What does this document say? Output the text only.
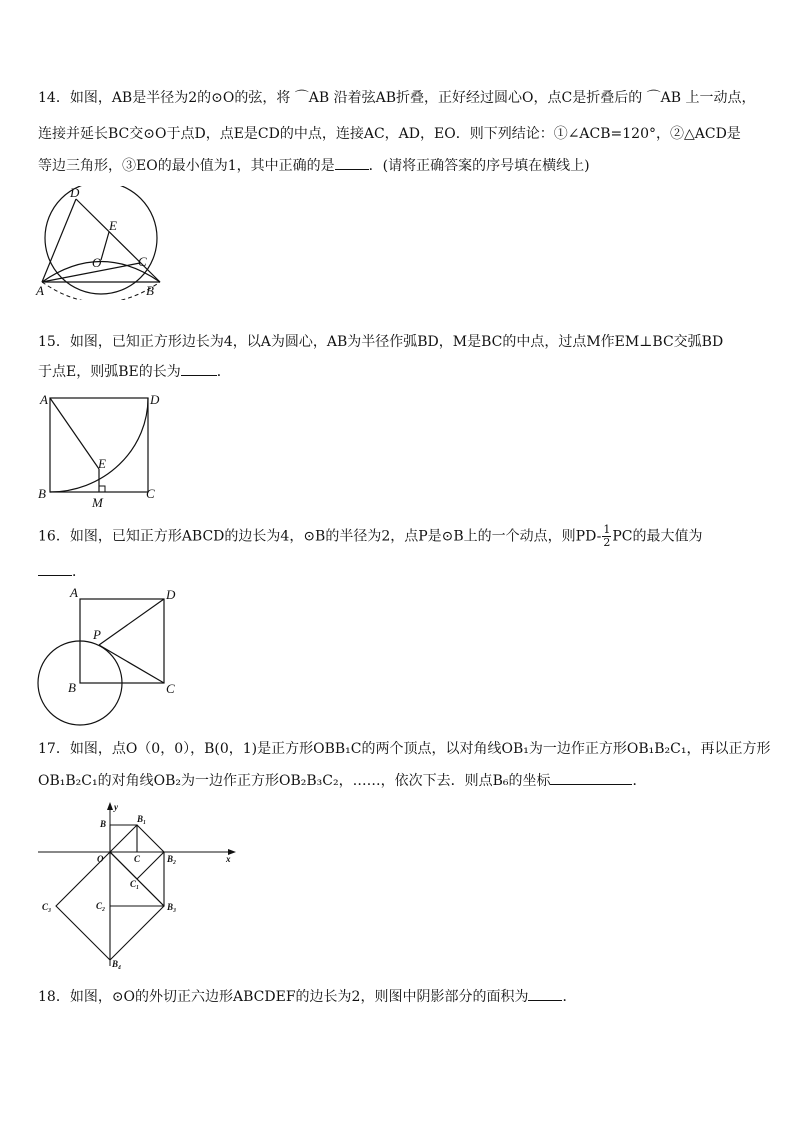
14．如图，AB是半径为2的⊙O的弦，将 ⌒AB 沿着弦AB折叠，正好经过圆心O，点C是折叠后的 ⌒AB 上一动点，
连接并延长BC交⊙O于点D，点E是CD的中点，连接AC，AD，EO．则下列结论：①∠ACB=120°，②△ACD是
等边三角形，③EO的最小值为1，其中正确的是 ．(请将正确答案的序号填在横线上)
D
E
O	C
A	B
15．如图，已知正方形边长为4，以A为圆心，AB为半径作弧BD，M是BC的中点，过点M作EM⊥BC交弧BD
于点E，则弧BE的长为	．
A	D
E
B
M
C
16．如图，已知正方形ABCD的边长为4，⊙B的半径为2，点P是⊙B上的一个动点，则$PD- \frac{1}{2}$ PC的最大值为
．
A	D
P
B	C
17．如图，点O（0，0），B(0，1)是正方形OBB₁C的两个顶点，以对角线OB₁为一边作正方形OB₁B₂C₁，再以正方形
OB₁B₂C₁的对角线OB₂为一边作正方形OB₂B₃C₂，……，依次下去．则点B₆的坐标	．
y
x
B	B₁
O	C	B₂
C₁
C₃	C₂	B₃
B₄
18．如图，⊙O的外切正六边形ABCDEF的边长为2，则图中阴影部分的面积为 ．
